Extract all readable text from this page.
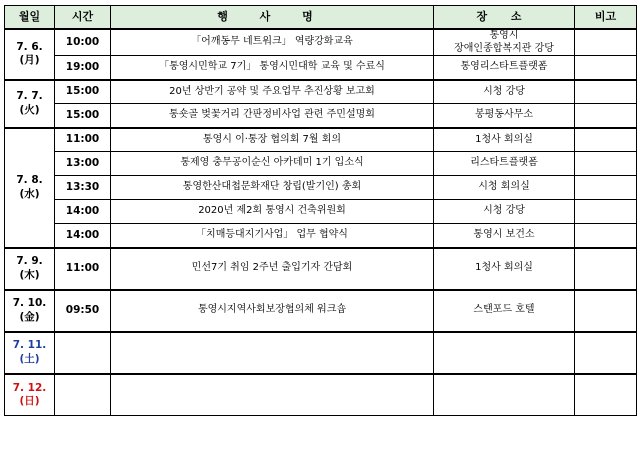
월일	시간	행 사 명	장 소	비고

7. 6.
(月)	10:00	「어깨동무 네트워크」 역량강화교육	통영시
장애인종합복지관 강당	
	19:00	「통영시민학교 7기」 통영시민대학 교육 및 수료식	통영리스타트플랫폼	

7. 7.
(火)	15:00	20년 상반기 공약 및 주요업무 추진상황 보고회	시청 강당	
	15:00	통숏골 벚꽃거리 간판정비사업 관련 주민설명회	봉평동사무소	

7. 8.
(水)	11:00	통영시 이·통장 협의회 7월 회의	1청사 회의실	
	13:00	통제영 충무공이순신 아카데미 1기 입소식	리스타트플랫폼	
	13:30	통영한산대첩문화재단 창립(발기인) 총회	시청 회의실	
	14:00	2020년 제2회 통영시 건축위원회	시청 강당	
	14:00	「치매등대지기사업」 업무 협약식	통영시 보건소	

7. 9.
(木)	11:00	민선7기 취임 2주년 출입기자 간담회	1청사 회의실	

7. 10.
(金)	09:50	통영시지역사회보장협의체 워크숍	스탠포드 호텔	

7. 11.
(土)				

7. 12.
(日)				
